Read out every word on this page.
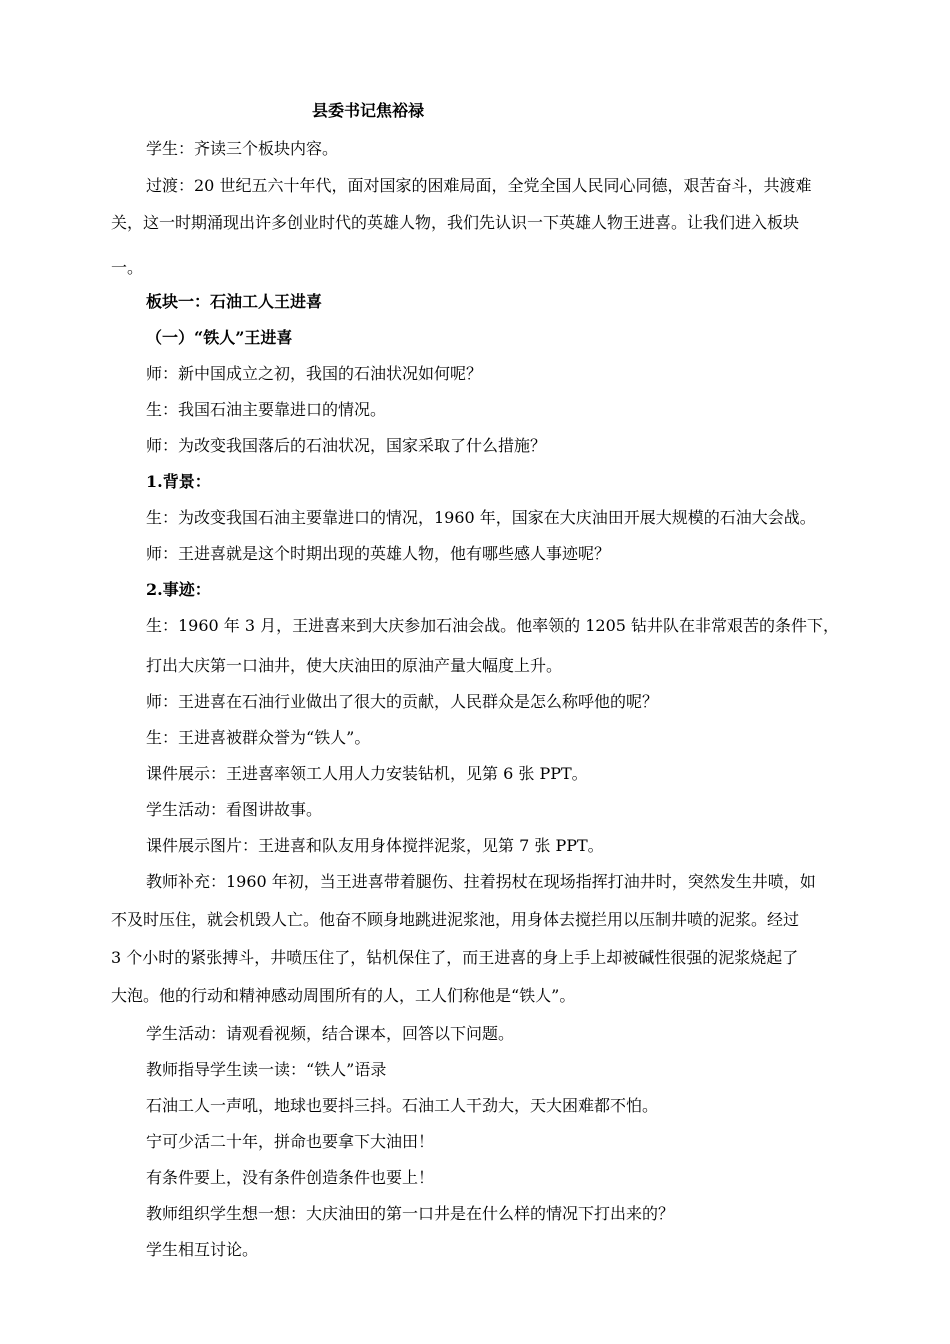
县委书记焦裕禄
学生：齐读三个板块内容。
过渡：20 世纪五六十年代，面对国家的困难局面，全党全国人民同心同德，艰苦奋斗，共渡难
关，这一时期涌现出许多创业时代的英雄人物，我们先认识一下英雄人物王进喜。让我们进入板块
一。
板块一：石油工人王进喜
（一）“铁人”王进喜
师：新中国成立之初，我国的石油状况如何呢？
生：我国石油主要靠进口的情况。
师：为改变我国落后的石油状况，国家采取了什么措施？
1.背景：
生：为改变我国石油主要靠进口的情况，1960 年，国家在大庆油田开展大规模的石油大会战。
师：王进喜就是这个时期出现的英雄人物，他有哪些感人事迹呢？
2.事迹：
生：1960 年 3 月，王进喜来到大庆参加石油会战。他率领的 1205 钻井队在非常艰苦的条件下，
打出大庆第一口油井，使大庆油田的原油产量大幅度上升。
师：王进喜在石油行业做出了很大的贡献，人民群众是怎么称呼他的呢？
生：王进喜被群众誉为“铁人”。
课件展示：王进喜率领工人用人力安装钻机，见第 6 张 PPT。
学生活动：看图讲故事。
课件展示图片：王进喜和队友用身体搅拌泥浆，见第 7 张 PPT。
教师补充：1960 年初，当王进喜带着腿伤、拄着拐杖在现场指挥打油井时，突然发生井喷，如
不及时压住，就会机毁人亡。他奋不顾身地跳进泥浆池，用身体去搅拦用以压制井喷的泥浆。经过
3 个小时的紧张搏斗，井喷压住了，钻机保住了，而王进喜的身上手上却被碱性很强的泥浆烧起了
大泡。他的行动和精神感动周围所有的人，工人们称他是“铁人”。
学生活动：请观看视频，结合课本，回答以下问题。
教师指导学生读一读：“铁人”语录
石油工人一声吼，地球也要抖三抖。石油工人干劲大，天大困难都不怕。
宁可少活二十年，拼命也要拿下大油田！
有条件要上，没有条件创造条件也要上！
教师组织学生想一想：大庆油田的第一口井是在什么样的情况下打出来的？
学生相互讨论。
